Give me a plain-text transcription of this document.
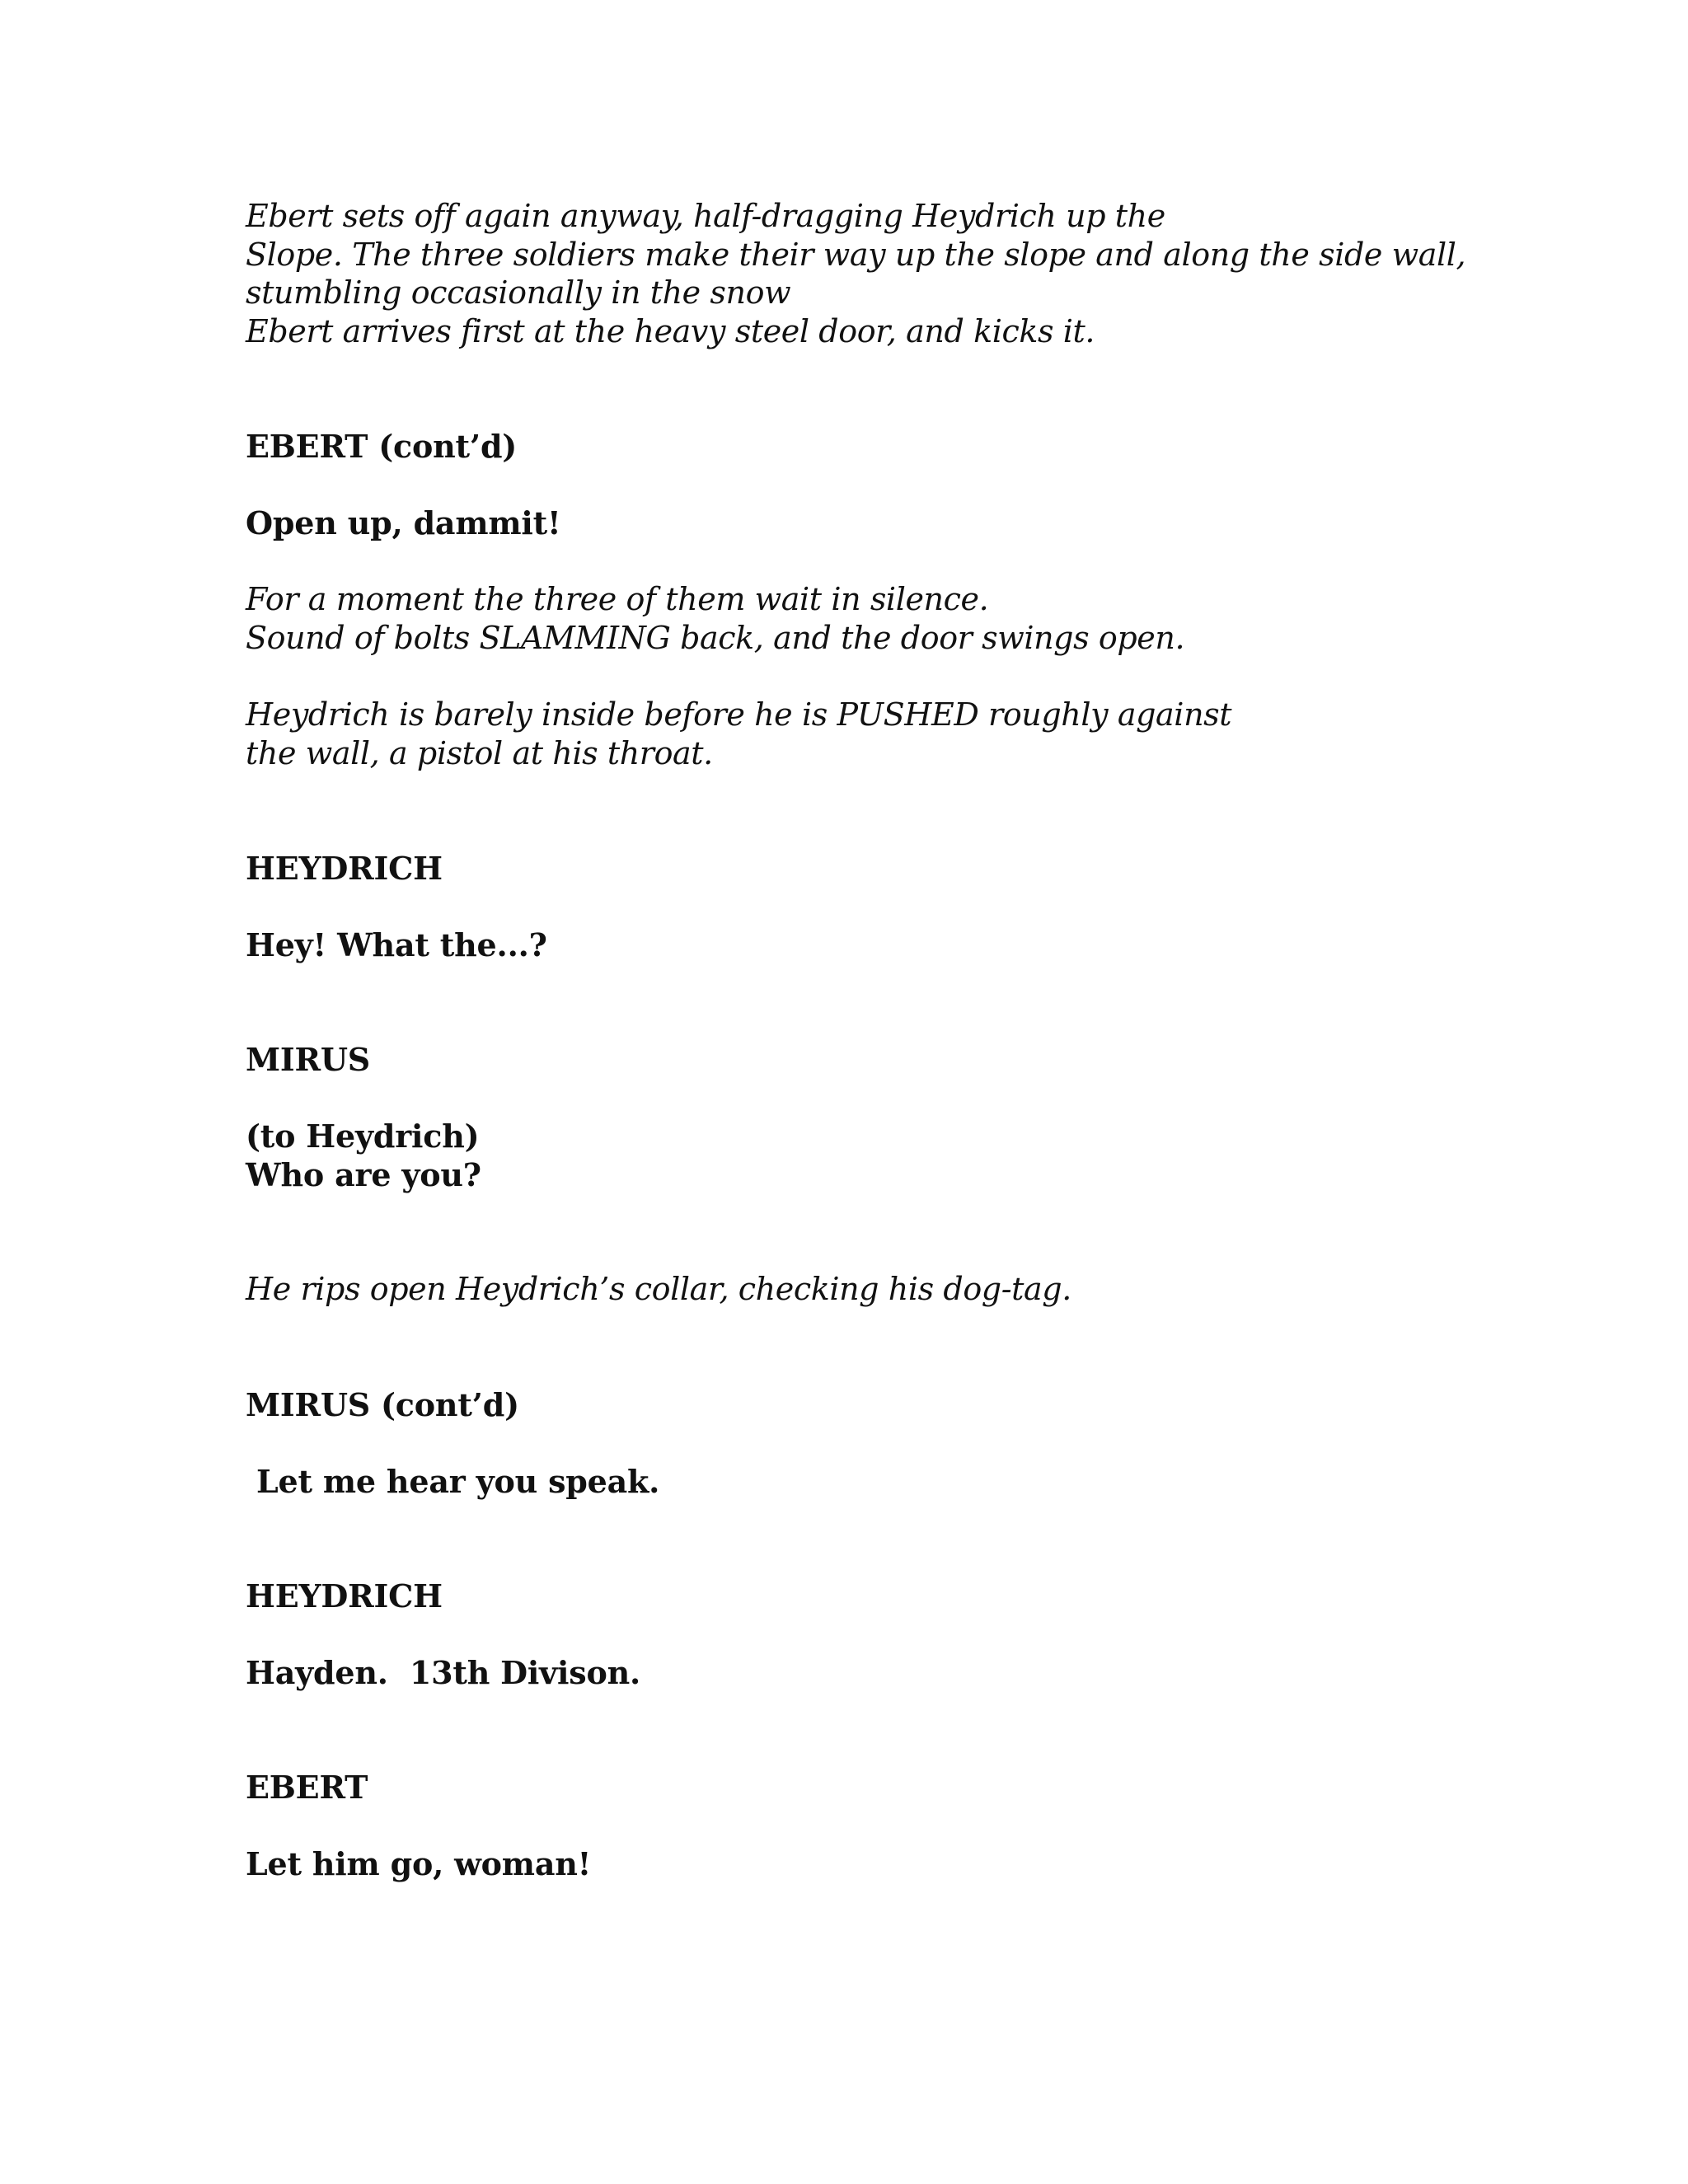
Ebert sets off again anyway, half-dragging Heydrich up the
Slope. The three soldiers make their way up the slope and along the side wall,
stumbling occasionally in the snow
Ebert arrives first at the heavy steel door, and kicks it.
EBERT (cont’d)
Open up, dammit!
For a moment the three of them wait in silence.
Sound of bolts SLAMMING back, and the door swings open.
Heydrich is barely inside before he is PUSHED roughly against
the wall, a pistol at his throat.
HEYDRICH
Hey! What the...?
MIRUS
(to Heydrich)
Who are you?
He rips open Heydrich’s collar, checking his dog-tag.
MIRUS (cont’d)
Let me hear you speak.
HEYDRICH
Hayden.  13th Divison.
EBERT
Let him go, woman!
